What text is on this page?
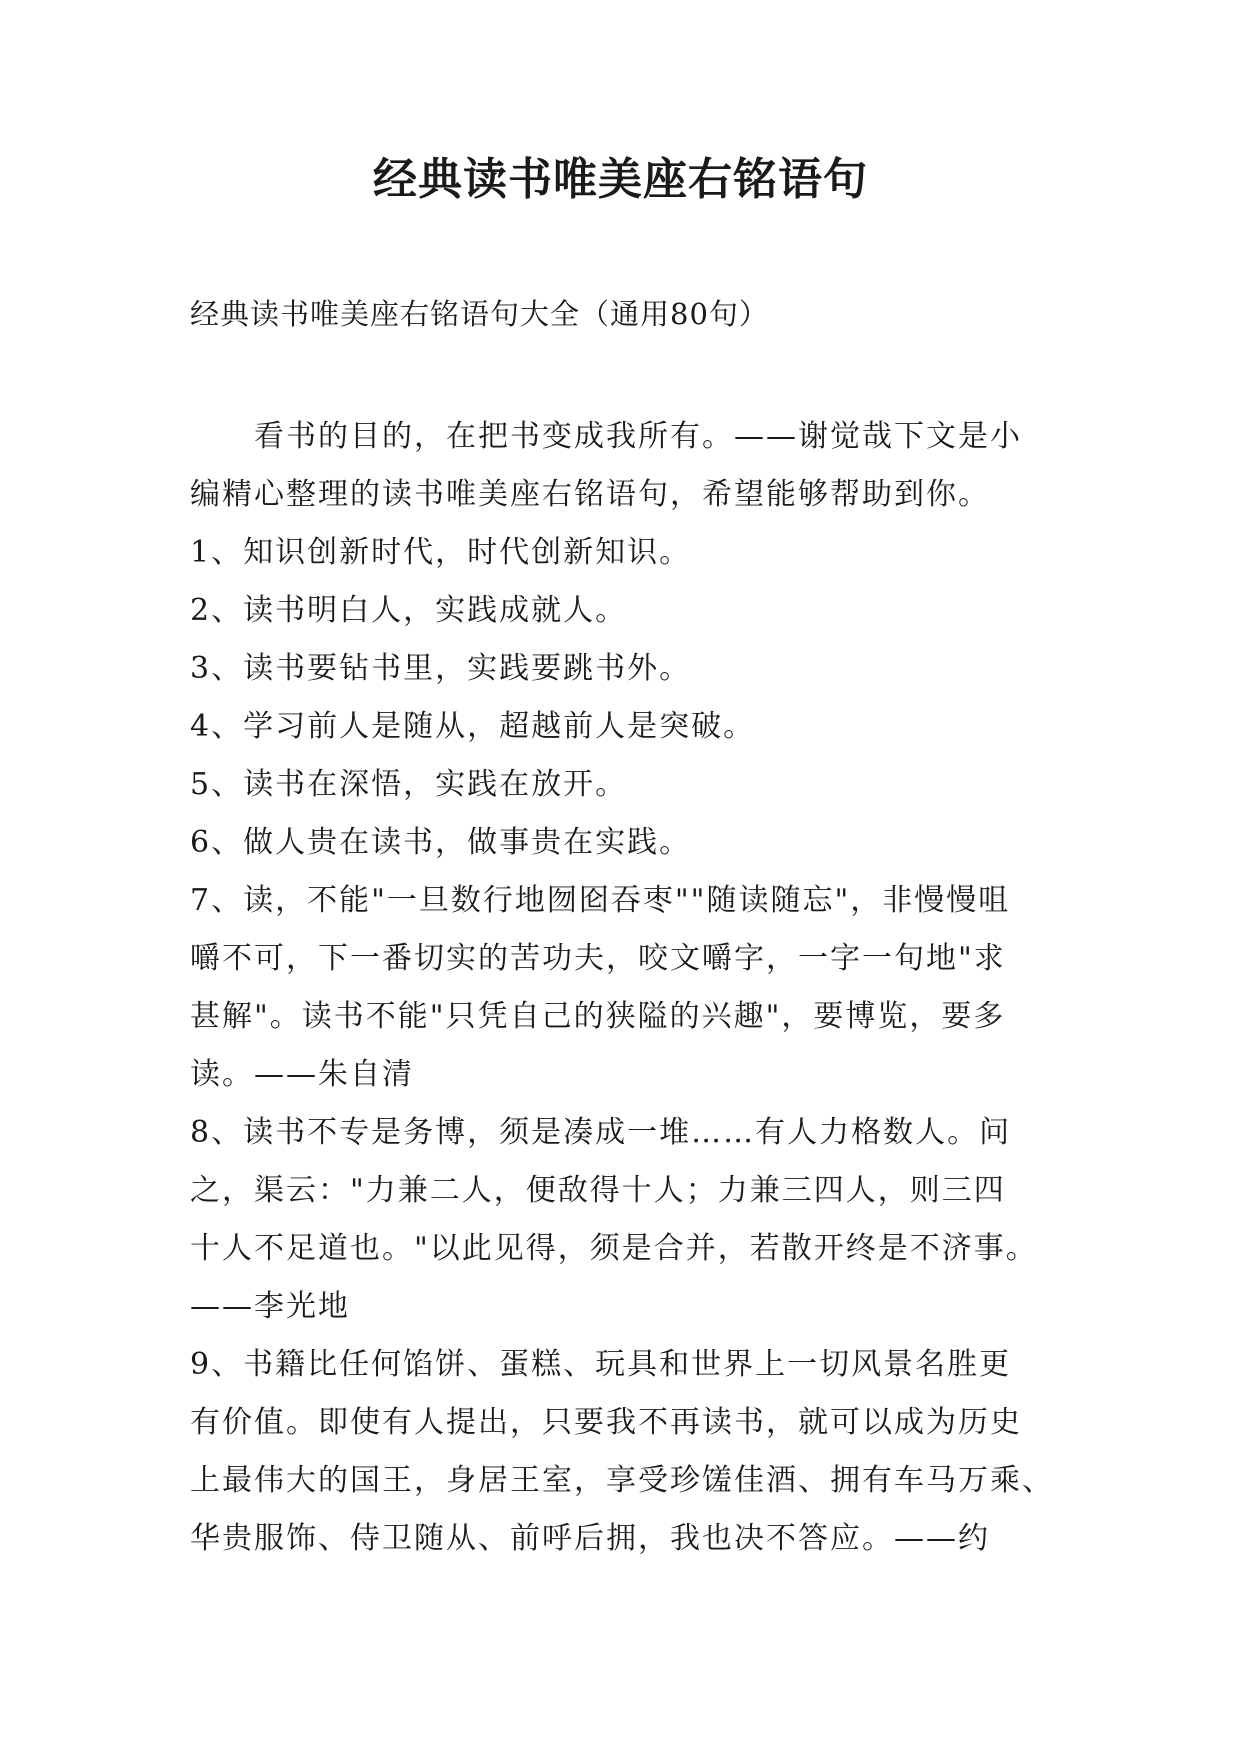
经典读书唯美座右铭语句

经典读书唯美座右铭语句大全（通用80句）

看书的目的，在把书变成我所有。——谢觉哉下文是小
编精心整理的读书唯美座右铭语句，希望能够帮助到你。
1、知识创新时代，时代创新知识。
2、读书明白人，实践成就人。
3、读书要钻书里，实践要跳书外。
4、学习前人是随从，超越前人是突破。
5、读书在深悟，实践在放开。
6、做人贵在读书，做事贵在实践。
7、读，不能"一旦数行地囫囵吞枣""随读随忘"，非慢慢咀
嚼不可，下一番切实的苦功夫，咬文嚼字，一字一句地"求
甚解"。读书不能"只凭自己的狭隘的兴趣"，要博览，要多
读。——朱自清
8、读书不专是务博，须是凑成一堆……有人力格数人。问
之，渠云："力兼二人，便敌得十人；力兼三四人，则三四
十人不足道也。"以此见得，须是合并，若散开终是不济事。
——李光地
9、书籍比任何馅饼、蛋糕、玩具和世界上一切风景名胜更
有价值。即使有人提出，只要我不再读书，就可以成为历史
上最伟大的国王，身居王室，享受珍馐佳酒、拥有车马万乘、
华贵服饰、侍卫随从、前呼后拥，我也决不答应。——约
